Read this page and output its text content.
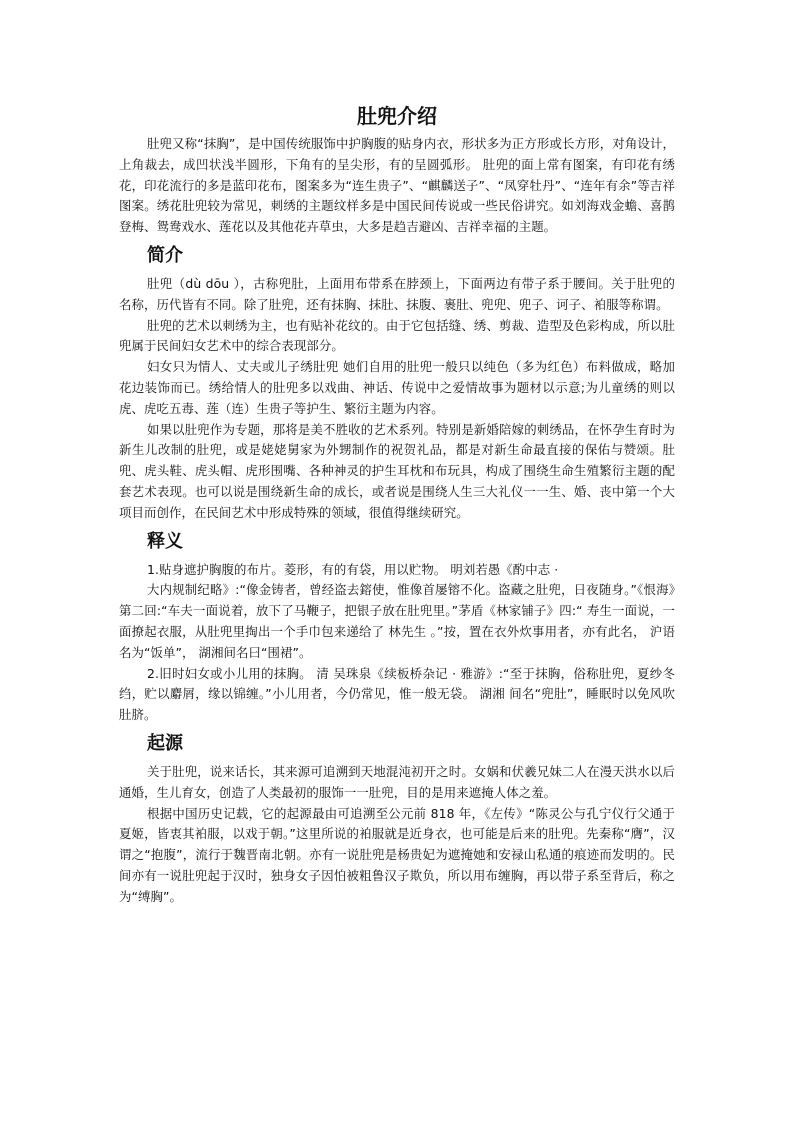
肚兜介绍

肚兜又称“抹胸”，是中国传统服饰中护胸腹的贴身内衣，形状多为正方形或长方形，对角设计，上角裁去，成凹状浅半圆形，下角有的呈尖形，有的呈圆弧形。 肚兜的面上常有图案，有印花有绣花，印花流行的多是蓝印花布，图案多为“连生贵子”、“麒麟送子”、“凤穿牡丹”、“连年有余”等吉祥图案。绣花肚兜较为常见，刺绣的主题纹样多是中国民间传说或一些民俗讲究。如刘海戏金蟾、喜鹊登梅、鸳鸯戏水、莲花以及其他花卉草虫，大多是趋吉避凶、吉祥幸福的主题。

简介

肚兜（dù dōu ），古称兜肚，上面用布带系在脖颈上，下面两边有带子系于腰间。关于肚兜的名称，历代皆有不同。除了肚兜，还有抹胸、抹肚、抹腹、裹肚、兜兜、兜子、诃子、袙服等称谓。

肚兜的艺术以刺绣为主，也有贴补花纹的。由于它包括缝、绣、剪裁、造型及色彩构成，所以肚兜属于民间妇女艺术中的综合表现部分。

妇女只为情人、丈夫或儿子绣肚兜 她们自用的肚兜一般只以纯色（多为红色）布料做成，略加花边装饰而已。绣给情人的肚兜多以戏曲、神话、传说中之爱情故事为题材以示意;为儿童绣的则以虎、虎吃五毒、莲（连）生贵子等护生、繁衍主题为内容。

如果以肚兜作为专题，那将是美不胜收的艺术系列。特别是新婚陪嫁的刺绣品，在怀孕生育时为新生儿改制的肚兜，或是姥姥舅家为外甥制作的祝贺礼品，都是对新生命最直接的保佑与赞颂。肚兜、虎头鞋、虎头帽、虎形围嘴、各种神灵的护生耳枕和布玩具，构成了围绕生命生殖繁衍主题的配套艺术表现。也可以说是围绕新生命的成长，或者说是围绕人生三大礼仪一一生、婚、丧中第一个大项目而创作，在民间艺术中形成特殊的领域，很值得继续研究。

释义

1.贴身遮护胸腹的布片。菱形，有的有袋，用以贮物。 明刘若愚《酌中志 ·

大内规制纪略》:“像金铸者，曾经盗去鎔使，惟像首屡镕不化。盗藏之肚兜，日夜随身。”《恨海》第二回:“车夫一面说着，放下了马鞭子，把银子放在肚兜里。”茅盾《林家铺子》四:“ 寿生一面说，一面撩起衣服，从肚兜里掏出一个手巾包来递给了 林先生 。”按，置在衣外炊事用者，亦有此名， 沪语名为“饭单”， 湖湘间名曰“围裙”。

2.旧时妇女或小儿用的抹胸。 清 吴珠泉《续板桥杂记 · 雅游》:“至于抹胸，俗称肚兜，夏纱冬绉，贮以麝屑，缘以锦缠。”小儿用者，今仍常见，惟一般无袋。 湖湘 间名“兜肚”，睡眠时以免风吹肚脐。

起源

关于肚兜，说来话长，其来源可追溯到天地混沌初开之时。女娲和伏羲兄妹二人在漫天洪水以后通婚，生儿育女，创造了人类最初的服饰一一肚兜，目的是用来遮掩人体之羞。

根据中国历史记载，它的起源最由可追溯至公元前 818 年，《左传》“陈灵公与孔宁仪行父通于夏姬，皆衷其袙服，以戏于朝。”这里所说的袙服就是近身衣，也可能是后来的肚兜。先秦称“膺”，汉谓之“抱腹”，流行于魏晋南北朝。亦有一说肚兜是杨贵妃为遮掩她和安禄山私通的痕迹而发明的。民间亦有一说肚兜起于汉时，独身女子因怕被粗鲁汉子欺负，所以用布缠胸，再以带子系至背后，称之为“缚胸”。
